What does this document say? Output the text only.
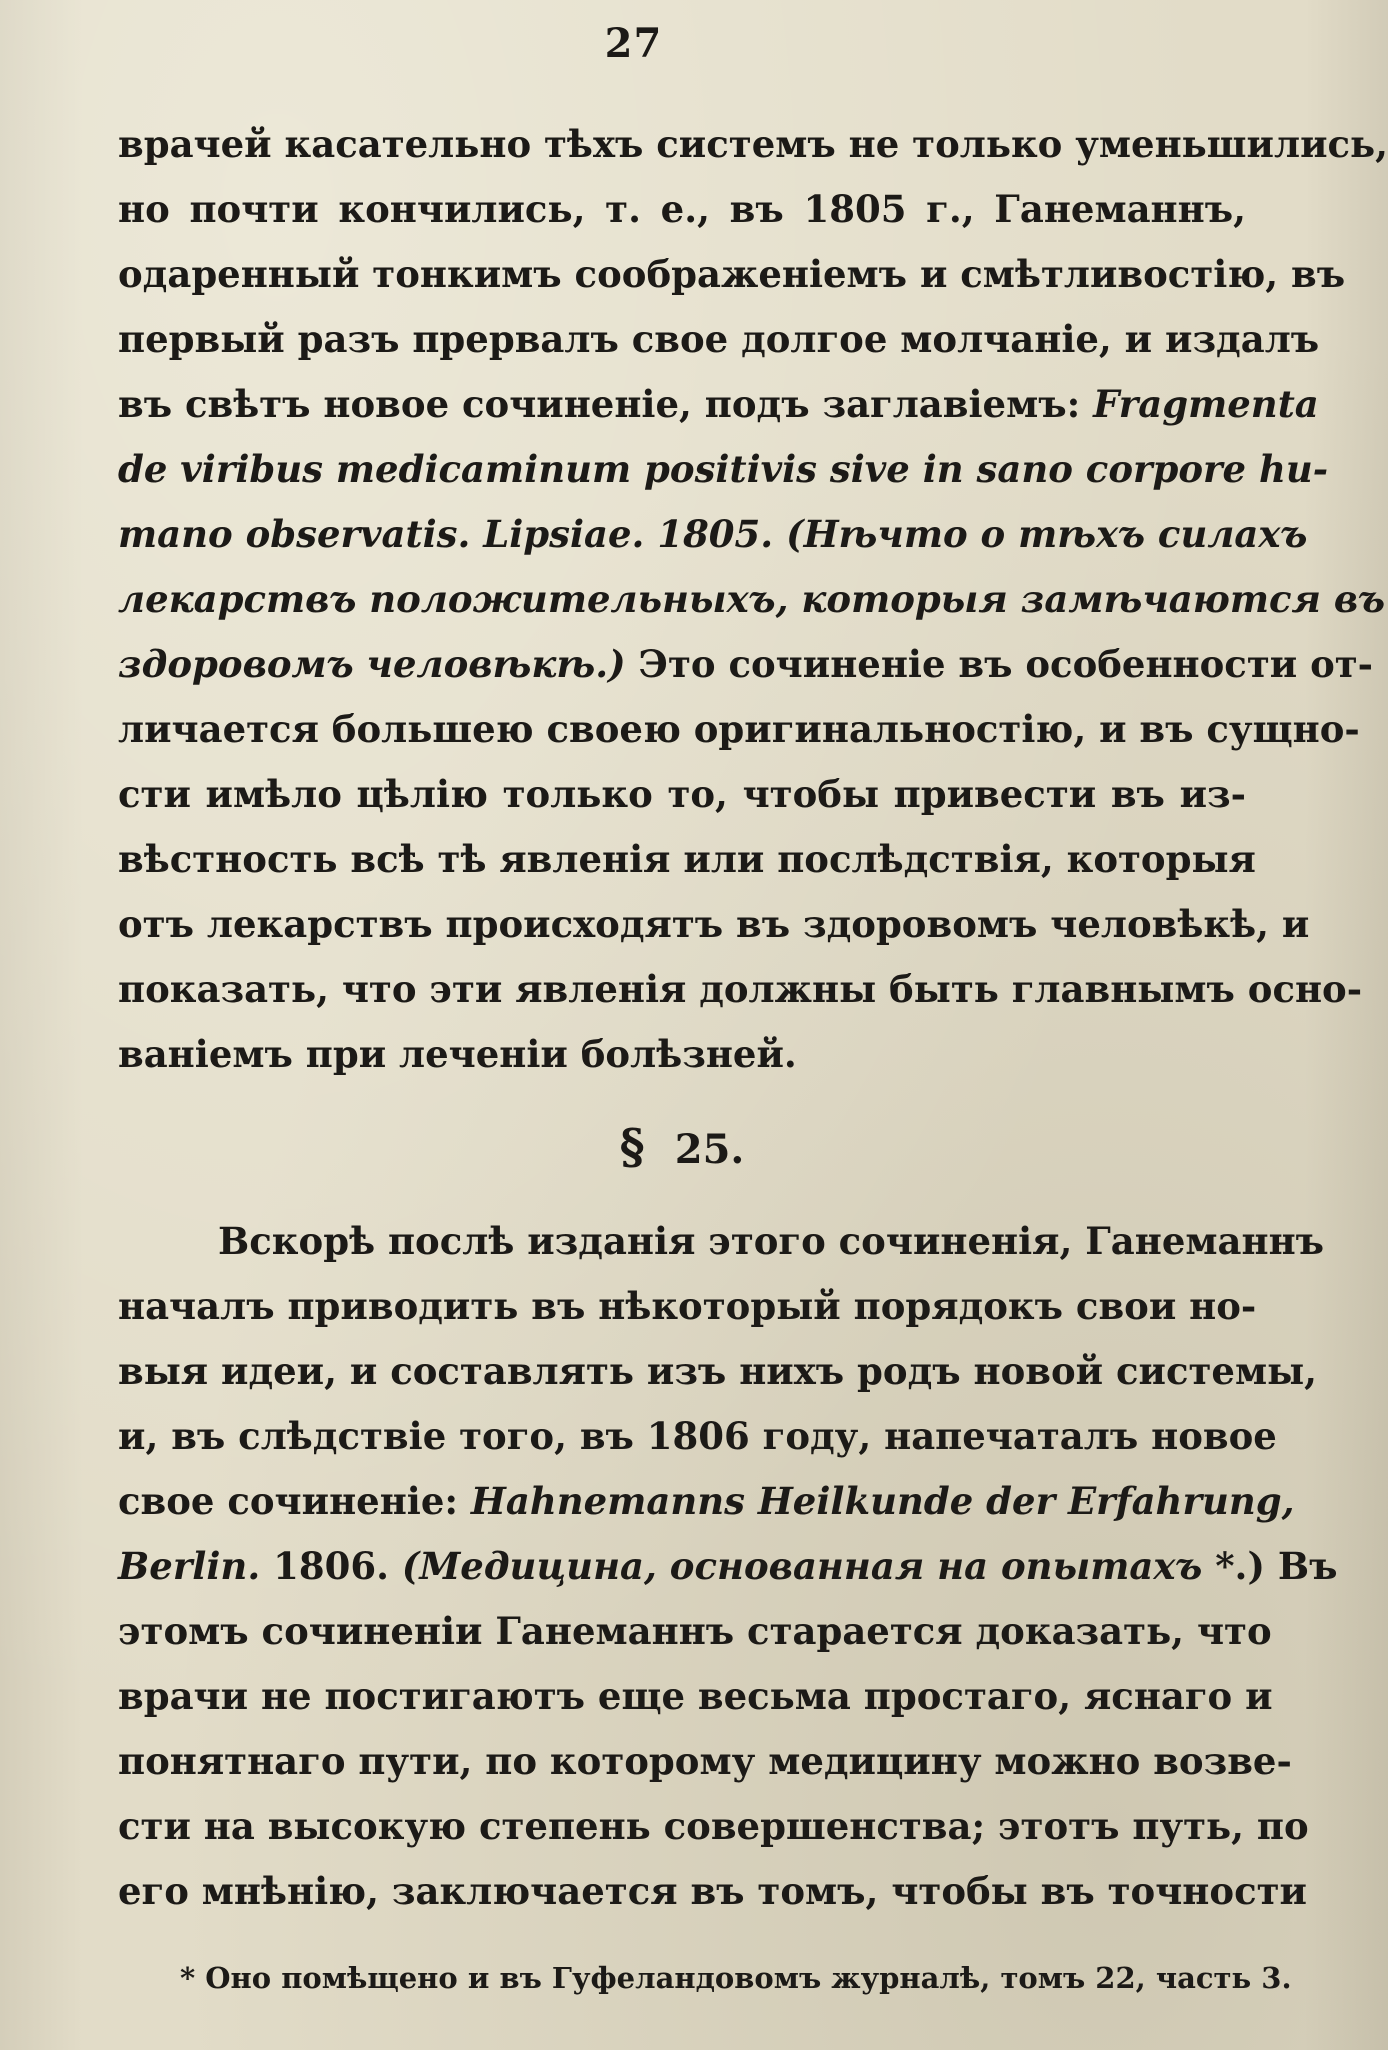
27
врачей касательно тѣхъ системъ не только уменьшились,
но почти кончились, т. е., въ 1805 г., Ганеманнъ,
одаренный тонкимъ соображенiемъ и смѣтливостiю, въ
первый разъ прервалъ свое долгое молчанiе, и издалъ
въ свѣтъ новое сочиненiе, подъ заглавiемъ: Fragmenta
de viribus medicaminum positivis sive in sano corpore hu-
mano observatis. Lipsiae. 1805. (Нѣчто о тѣхъ силахъ
лекарствъ положительныхъ, которыя замѣчаются въ
здоровомъ человѣкѣ.) Это сочиненiе въ особенности от-
личается большею своею оригинальностiю, и въ сущно-
сти имѣло цѣлiю только то, чтобы привести въ из-
вѣстность всѣ тѣ явленiя или послѣдствiя, которыя
отъ лекарствъ происходятъ въ здоровомъ человѣкѣ, и
показать, что эти явленiя должны быть главнымъ осно-
ванiемъ при леченiи болѣзней.
§ 25.
Вскорѣ послѣ изданiя этого сочиненiя, Ганеманнъ
началъ приводить въ нѣкоторый порядокъ свои но-
выя идеи, и составлять изъ нихъ родъ новой системы,
и, въ слѣдствiе того, въ 1806 году, напечаталъ новое
свое сочиненiе: Hahnemanns Heilkunde der Erfahrung,
Berlin. 1806. (Медицина, основанная на опытахъ *.) Въ
этомъ сочиненiи Ганеманнъ старается доказать, что
врачи не постигаютъ еще весьма простаго, яснаго и
понятнаго пути, по которому медицину можно возве-
сти на высокую степень совершенства; этотъ путь, по
его мнѣнiю, заключается въ томъ, чтобы въ точности
* Оно помѣщено и въ Гуфеландовомъ журналѣ, томъ 22, часть 3.
